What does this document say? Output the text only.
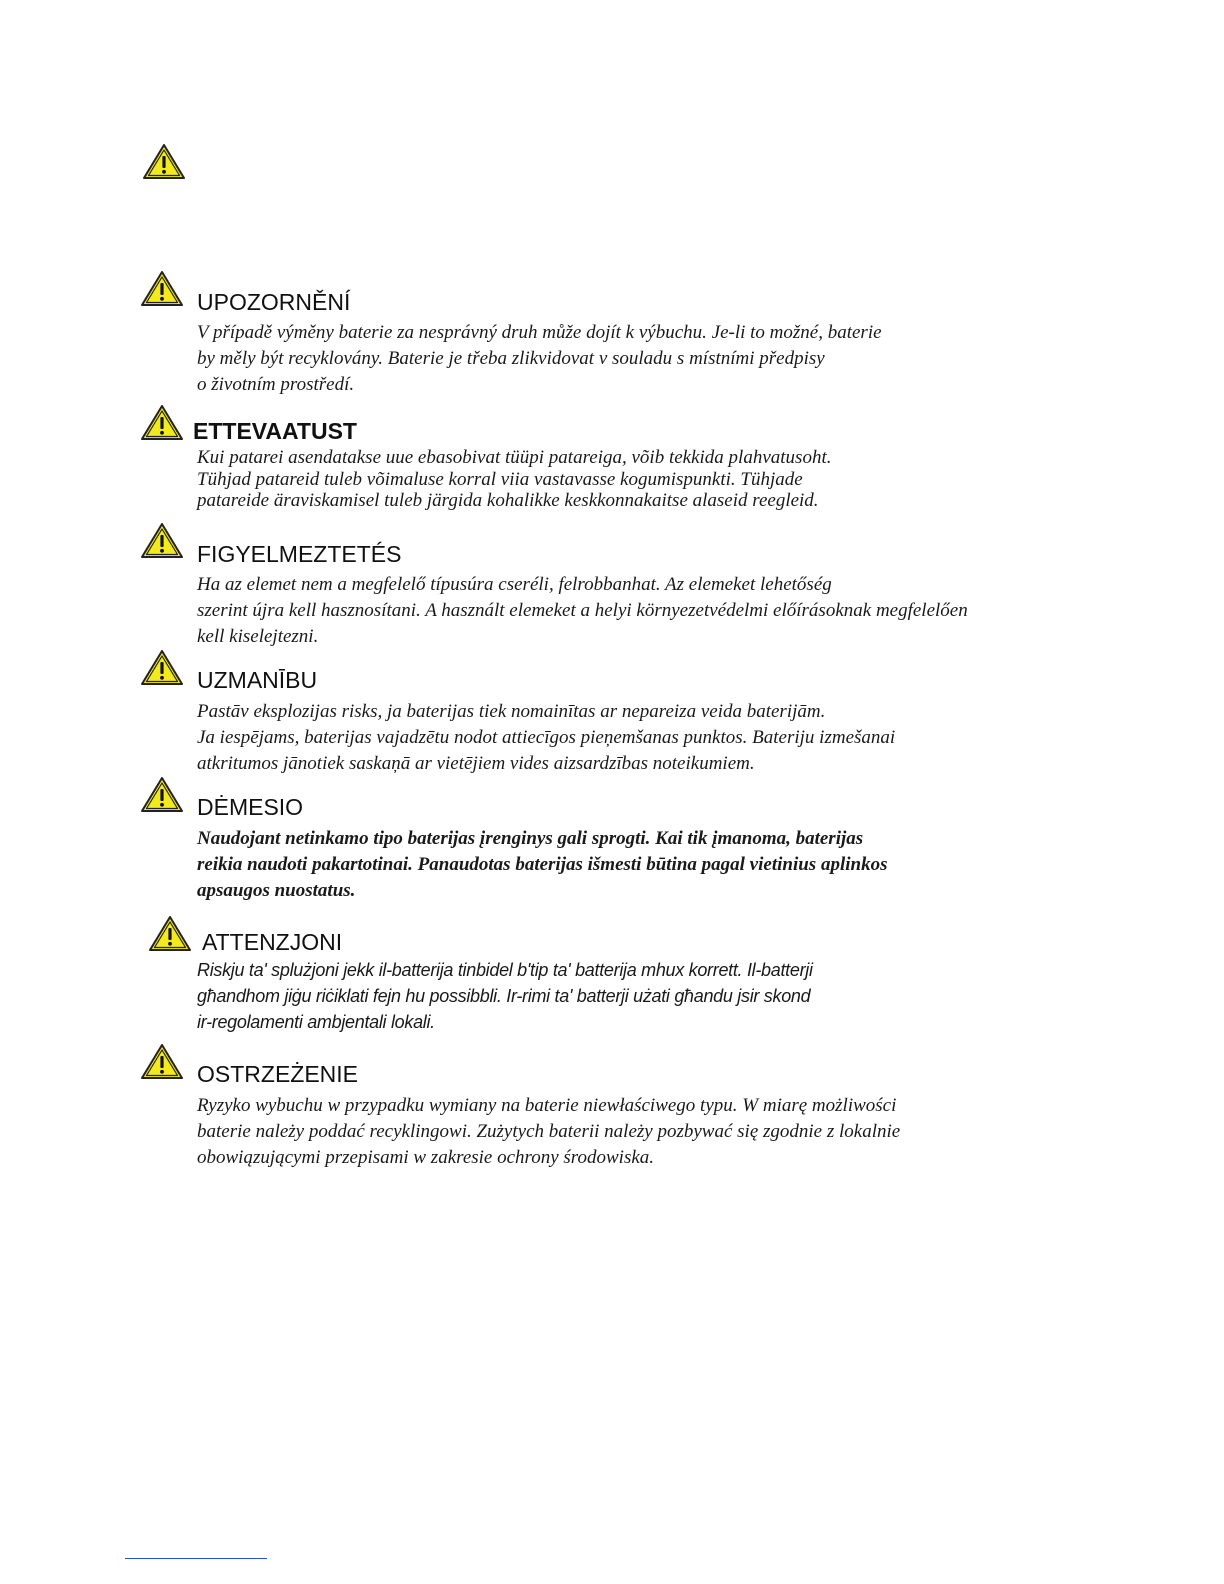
UPOZORNĚNÍ
V případě výměny baterie za nesprávný druh může dojít k výbuchu. Je-li to možné, baterie
by měly být recyklovány. Baterie je třeba zlikvidovat v souladu s místními předpisy
o životním prostředí.
ETTEVAATUST
Kui patarei asendatakse uue ebasobivat tüüpi patareiga, võib tekkida plahvatusoht.
Tühjad patareid tuleb võimaluse korral viia vastavasse kogumispunkti. Tühjade
patareide äraviskamisel tuleb järgida kohalikke keskkonnakaitse alaseid reegleid.
FIGYELMEZTETÉS
Ha az elemet nem a megfelelő típusúra cseréli, felrobbanhat. Az elemeket lehetőség
szerint újra kell hasznosítani. A használt elemeket a helyi környezetvédelmi előírásoknak megfelelően
kell kiselejtezni.
UZMANĪBU
Pastāv eksplozijas risks, ja baterijas tiek nomainītas ar nepareiza veida baterijām.
Ja iespējams, baterijas vajadzētu nodot attiecīgos pieņemšanas punktos. Bateriju izmešanai
atkritumos jānotiek saskaņā ar vietējiem vides aizsardzības noteikumiem.
DĖMESIO
Naudojant netinkamo tipo baterijas įrenginys gali sprogti. Kai tik įmanoma, baterijas
reikia naudoti pakartotinai. Panaudotas baterijas išmesti būtina pagal vietinius aplinkos
apsaugos nuostatus.
ATTENZJONI
Riskju ta' splużjoni jekk il-batterija tinbidel b'tip ta' batterija mhux korrett. Il-batterji
għandhom jiġu riċiklati fejn hu possibbli. Ir-rimi ta' batterji użati għandu jsir skond
ir-regolamenti ambjentali lokali.
OSTRZEŻENIE
Ryzyko wybuchu w przypadku wymiany na baterie niewłaściwego typu. W miarę możliwości
baterie należy poddać recyklingowi. Zużytych baterii należy pozbywać się zgodnie z lokalnie
obowiązującymi przepisami w zakresie ochrony środowiska.
